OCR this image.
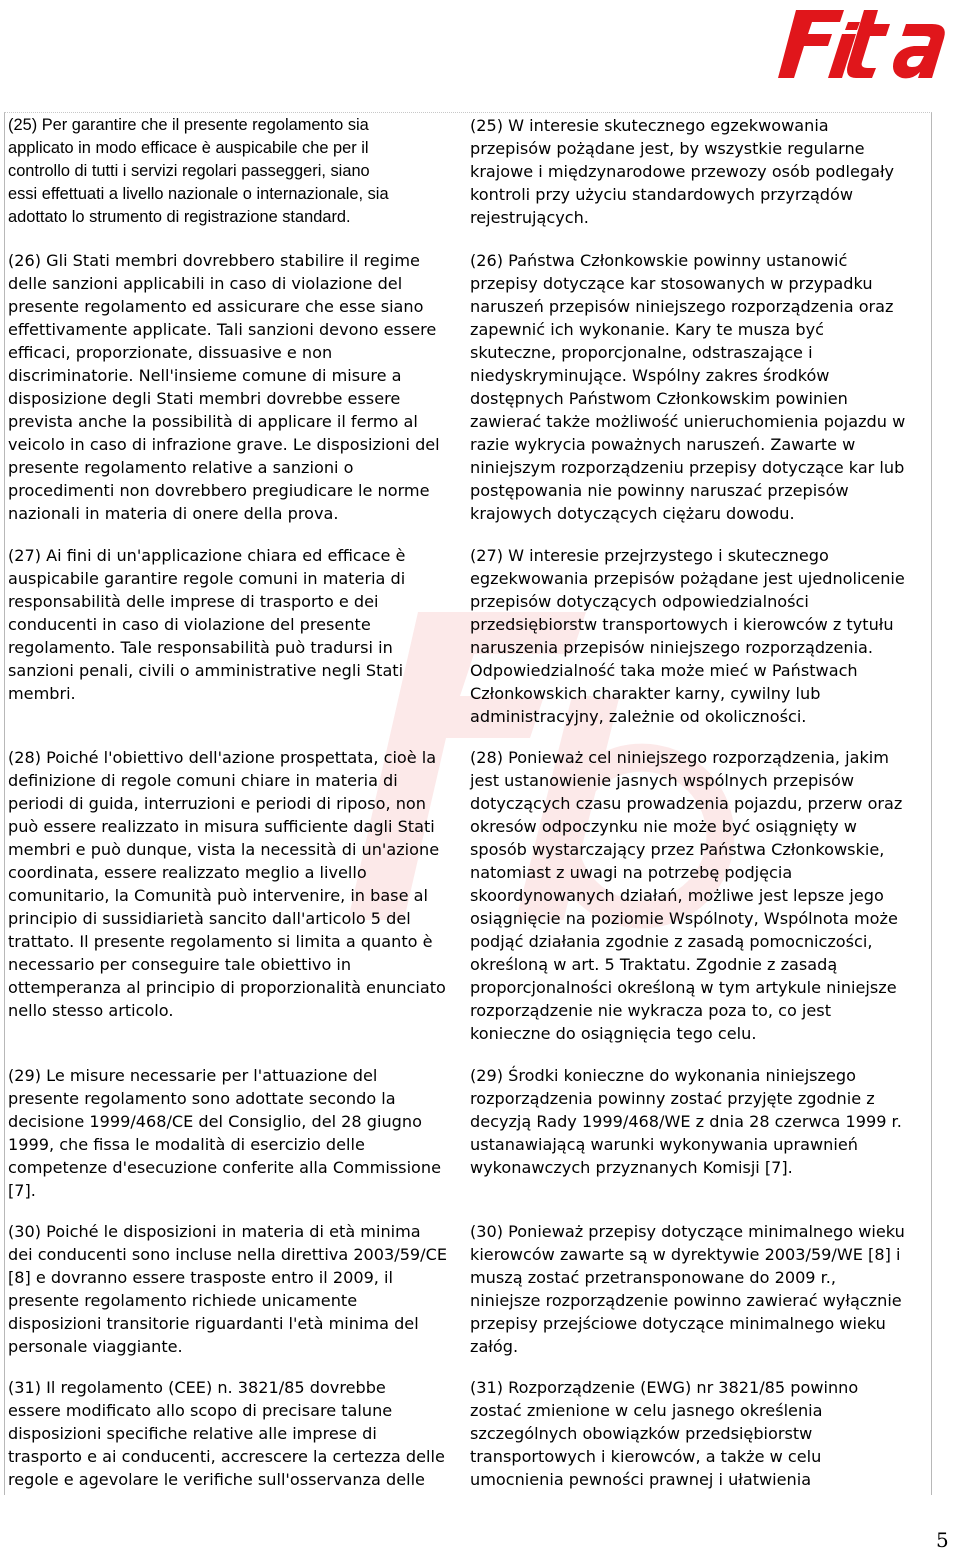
fita
(25) Per garantire che il presente regolamento sia
applicato in modo efficace è auspicabile che per il
controllo di tutti i servizi regolari passeggeri, siano
essi effettuati a livello nazionale o internazionale, sia
adottato lo strumento di registrazione standard.
(26) Gli Stati membri dovrebbero stabilire il regime
delle sanzioni applicabili in caso di violazione del
presente regolamento ed assicurare che esse siano
effettivamente applicate. Tali sanzioni devono essere
efficaci, proporzionate, dissuasive e non
discriminatorie. Nell'insieme comune di misure a
disposizione degli Stati membri dovrebbe essere
prevista anche la possibilità di applicare il fermo al
veicolo in caso di infrazione grave. Le disposizioni del
presente regolamento relative a sanzioni o
procedimenti non dovrebbero pregiudicare le norme
nazionali in materia di onere della prova.
(27) Ai fini di un'applicazione chiara ed efficace è
auspicabile garantire regole comuni in materia di
responsabilità delle imprese di trasporto e dei
conducenti in caso di violazione del presente
regolamento. Tale responsabilità può tradursi in
sanzioni penali, civili o amministrative negli Stati
membri.
(28) Poiché l'obiettivo dell'azione prospettata, cioè la
definizione di regole comuni chiare in materia di
periodi di guida, interruzioni e periodi di riposo, non
può essere realizzato in misura sufficiente dagli Stati
membri e può dunque, vista la necessità di un'azione
coordinata, essere realizzato meglio a livello
comunitario, la Comunità può intervenire, in base al
principio di sussidiarietà sancito dall'articolo 5 del
trattato. Il presente regolamento si limita a quanto è
necessario per conseguire tale obiettivo in
ottemperanza al principio di proporzionalità enunciato
nello stesso articolo.
(29) Le misure necessarie per l'attuazione del
presente regolamento sono adottate secondo la
decisione 1999/468/CE del Consiglio, del 28 giugno
1999, che fissa le modalità di esercizio delle
competenze d'esecuzione conferite alla Commissione
[7].
(30) Poiché le disposizioni in materia di età minima
dei conducenti sono incluse nella direttiva 2003/59/CE
[8] e dovranno essere trasposte entro il 2009, il
presente regolamento richiede unicamente
disposizioni transitorie riguardanti l'età minima del
personale viaggiante.
(31) Il regolamento (CEE) n. 3821/85 dovrebbe
essere modificato allo scopo di precisare talune
disposizioni specifiche relative alle imprese di
trasporto e ai conducenti, accrescere la certezza delle
regole e agevolare le verifiche sull'osservanza delle
(25) W interesie skutecznego egzekwowania
przepisów pożądane jest, by wszystkie regularne
krajowe i międzynarodowe przewozy osób podlegały
kontroli przy użyciu standardowych przyrządów
rejestrujących.
(26) Państwa Członkowskie powinny ustanowić
przepisy dotyczące kar stosowanych w przypadku
naruszeń przepisów niniejszego rozporządzenia oraz
zapewnić ich wykonanie. Kary te musza być
skuteczne, proporcjonalne, odstraszające i
niedyskryminujące. Wspólny zakres środków
dostępnych Państwom Członkowskim powinien
zawierać także możliwość unieruchomienia pojazdu w
razie wykrycia poważnych naruszeń. Zawarte w
niniejszym rozporządzeniu przepisy dotyczące kar lub
postępowania nie powinny naruszać przepisów
krajowych dotyczących ciężaru dowodu.
(27) W interesie przejrzystego i skutecznego
egzekwowania przepisów pożądane jest ujednolicenie
przepisów dotyczących odpowiedzialności
przedsiębiorstw transportowych i kierowców z tytułu
naruszenia przepisów niniejszego rozporządzenia.
Odpowiedzialność taka może mieć w Państwach
Członkowskich charakter karny, cywilny lub
administracyjny, zależnie od okoliczności.
(28) Ponieważ cel niniejszego rozporządzenia, jakim
jest ustanowienie jasnych wspólnych przepisów
dotyczących czasu prowadzenia pojazdu, przerw oraz
okresów odpoczynku nie może być osiągnięty w
sposób wystarczający przez Państwa Członkowskie,
natomiast z uwagi na potrzebę podjęcia
skoordynowanych działań, możliwe jest lepsze jego
osiągnięcie na poziomie Wspólnoty, Wspólnota może
podjąć działania zgodnie z zasadą pomocniczości,
określoną w art. 5 Traktatu. Zgodnie z zasadą
proporcjonalności określoną w tym artykule niniejsze
rozporządzenie nie wykracza poza to, co jest
konieczne do osiągnięcia tego celu.
(29) Środki konieczne do wykonania niniejszego
rozporządzenia powinny zostać przyjęte zgodnie z
decyzją Rady 1999/468/WE z dnia 28 czerwca 1999 r.
ustanawiającą warunki wykonywania uprawnień
wykonawczych przyznanych Komisji [7].
(30) Ponieważ przepisy dotyczące minimalnego wieku
kierowców zawarte są w dyrektywie 2003/59/WE [8] i
muszą zostać przetransponowane do 2009 r.,
niniejsze rozporządzenie powinno zawierać wyłącznie
przepisy przejściowe dotyczące minimalnego wieku
załóg.
(31) Rozporządzenie (EWG) nr 3821/85 powinno
zostać zmienione w celu jasnego określenia
szczególnych obowiązków przedsiębiorstw
transportowych i kierowców, a także w celu
umocnienia pewności prawnej i ułatwienia
5
